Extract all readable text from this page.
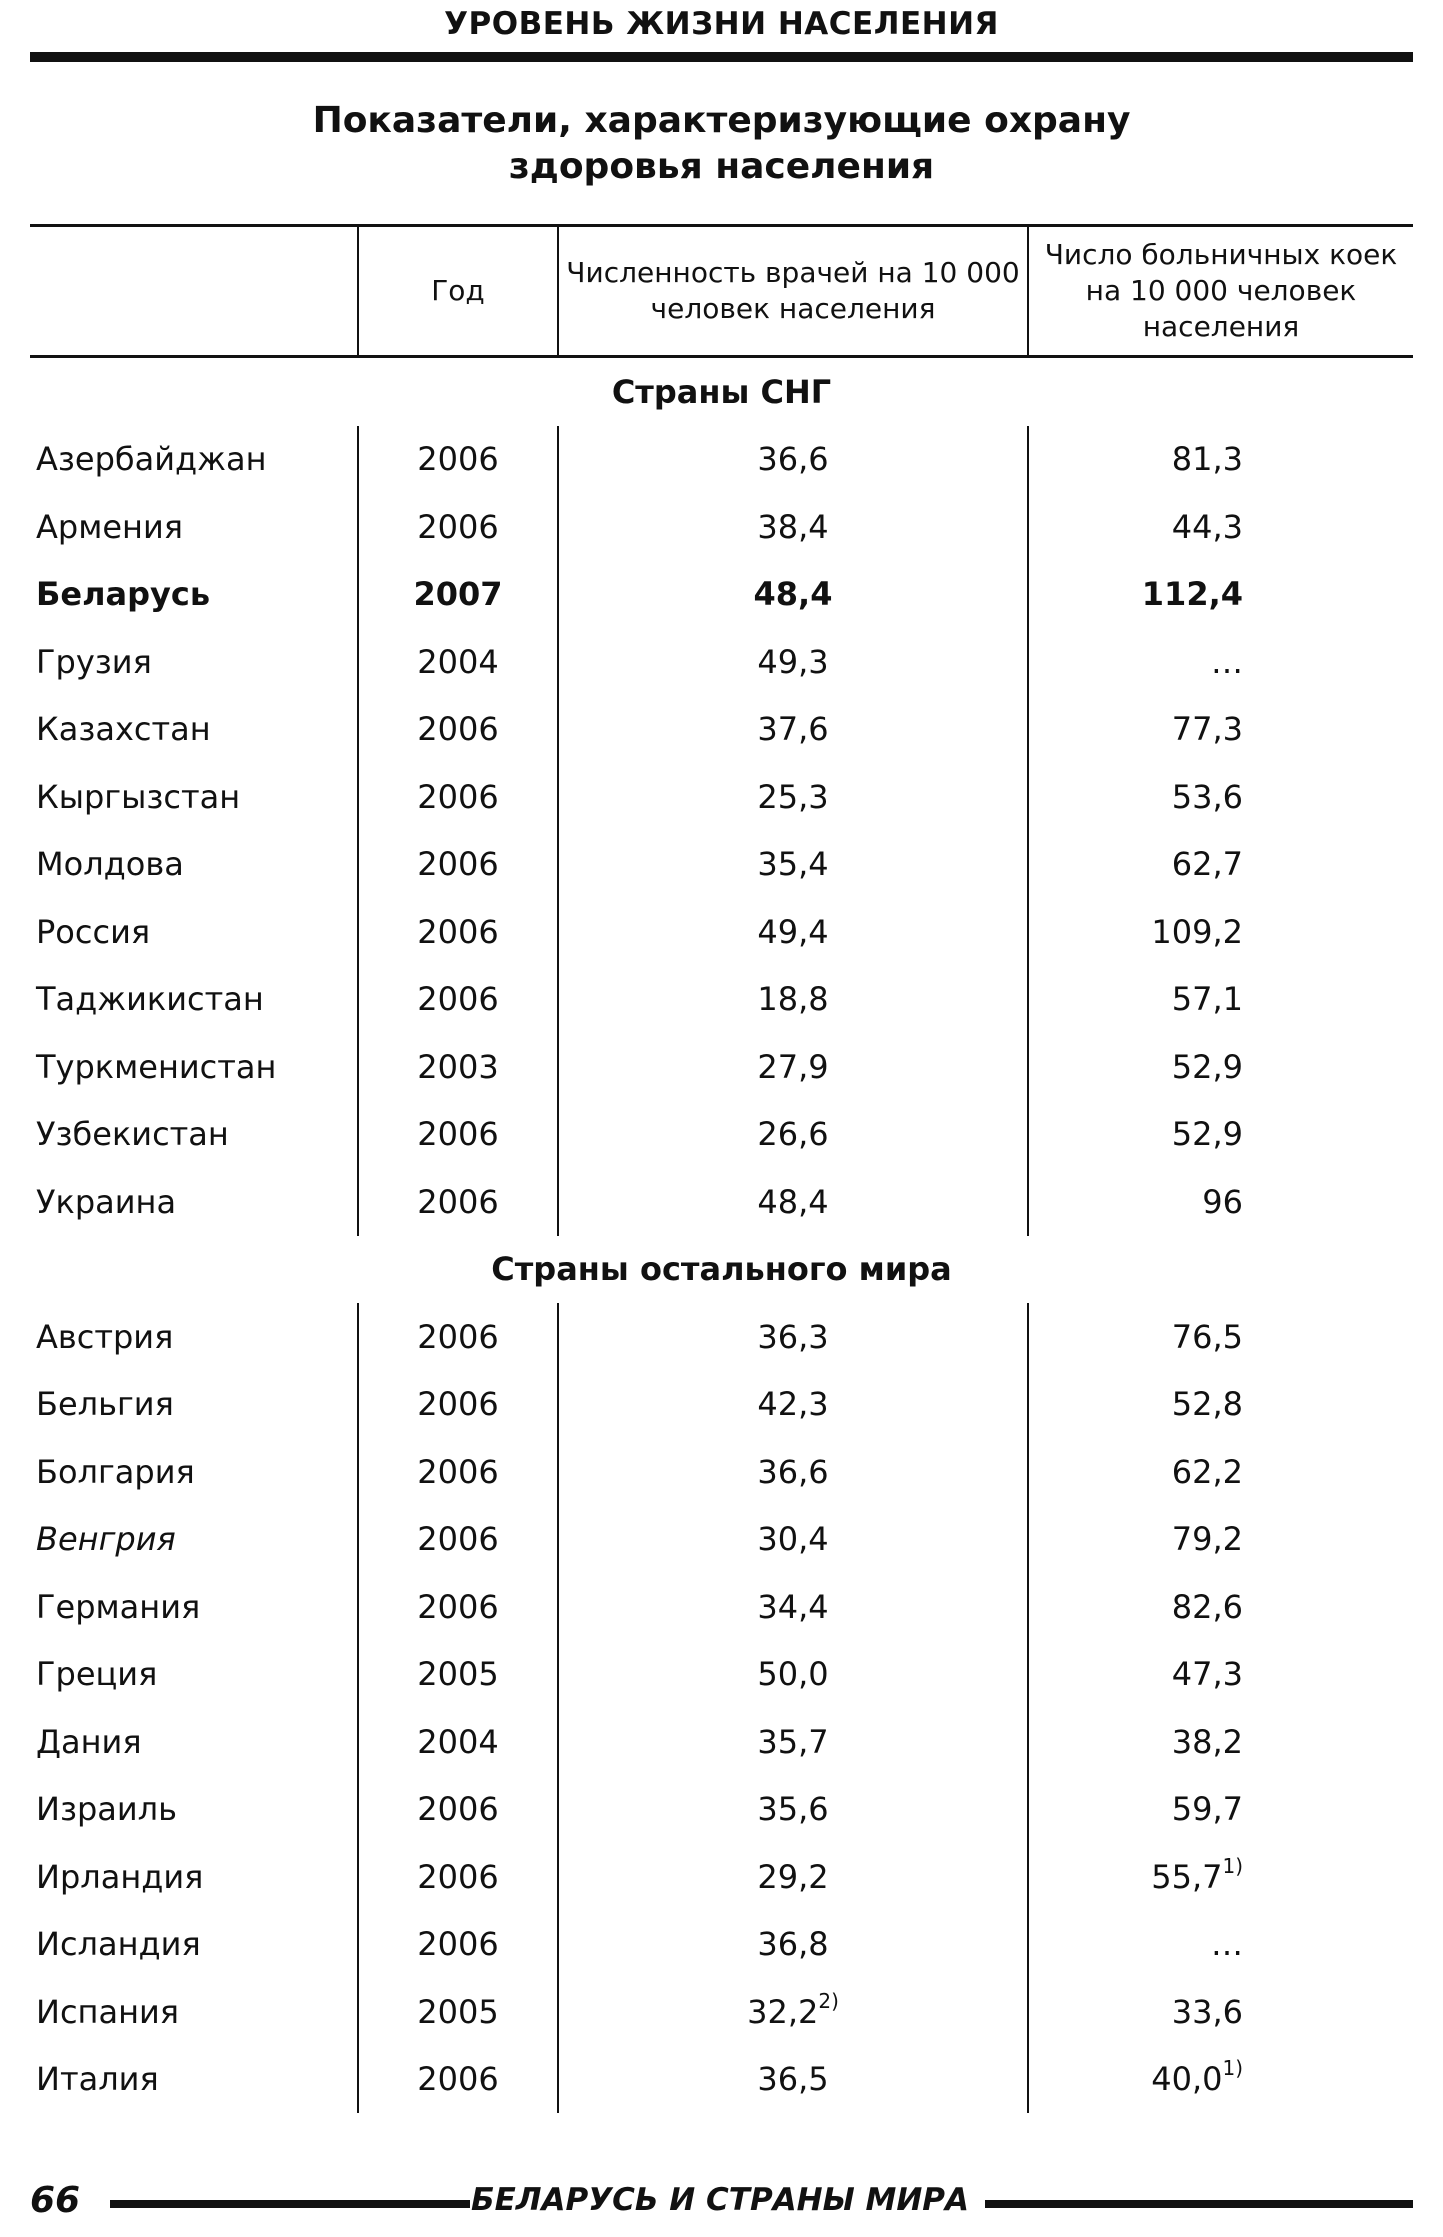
УРОВЕНЬ ЖИЗНИ НАСЕЛЕНИЯ
Показатели, характеризующие охрану
здоровья населения
	Год	Численность врачей на 10 000 человек населения	Число больничных коек на 10 000 человек населения
Страны СНГ			
Азербайджан	2006	36,6	81,3
Армения	2006	38,4	44,3
Беларусь	2007	48,4	112,4
Грузия	2004	49,3	…
Казахстан	2006	37,6	77,3
Кыргызстан	2006	25,3	53,6
Молдова	2006	35,4	62,7
Россия	2006	49,4	109,2
Таджикистан	2006	18,8	57,1
Туркменистан	2003	27,9	52,9
Узбекистан	2006	26,6	52,9
Украина	2006	48,4	96
Страны остального мира			
Австрия	2006	36,3	76,5
Бельгия	2006	42,3	52,8
Болгария	2006	36,6	62,2
Венгрия	2006	30,4	79,2
Германия	2006	34,4	82,6
Греция	2005	50,0	47,3
Дания	2004	35,7	38,2
Израиль	2006	35,6	59,7
Ирландия	2006	29,2	55,7$^{1)}$
Исландия	2006	36,8	…
Испания	2005	32,2$^{2)}$	33,6
Италия	2006	36,5	40,0$^{1)}$
66	БЕЛАРУСЬ И СТРАНЫ МИРА
